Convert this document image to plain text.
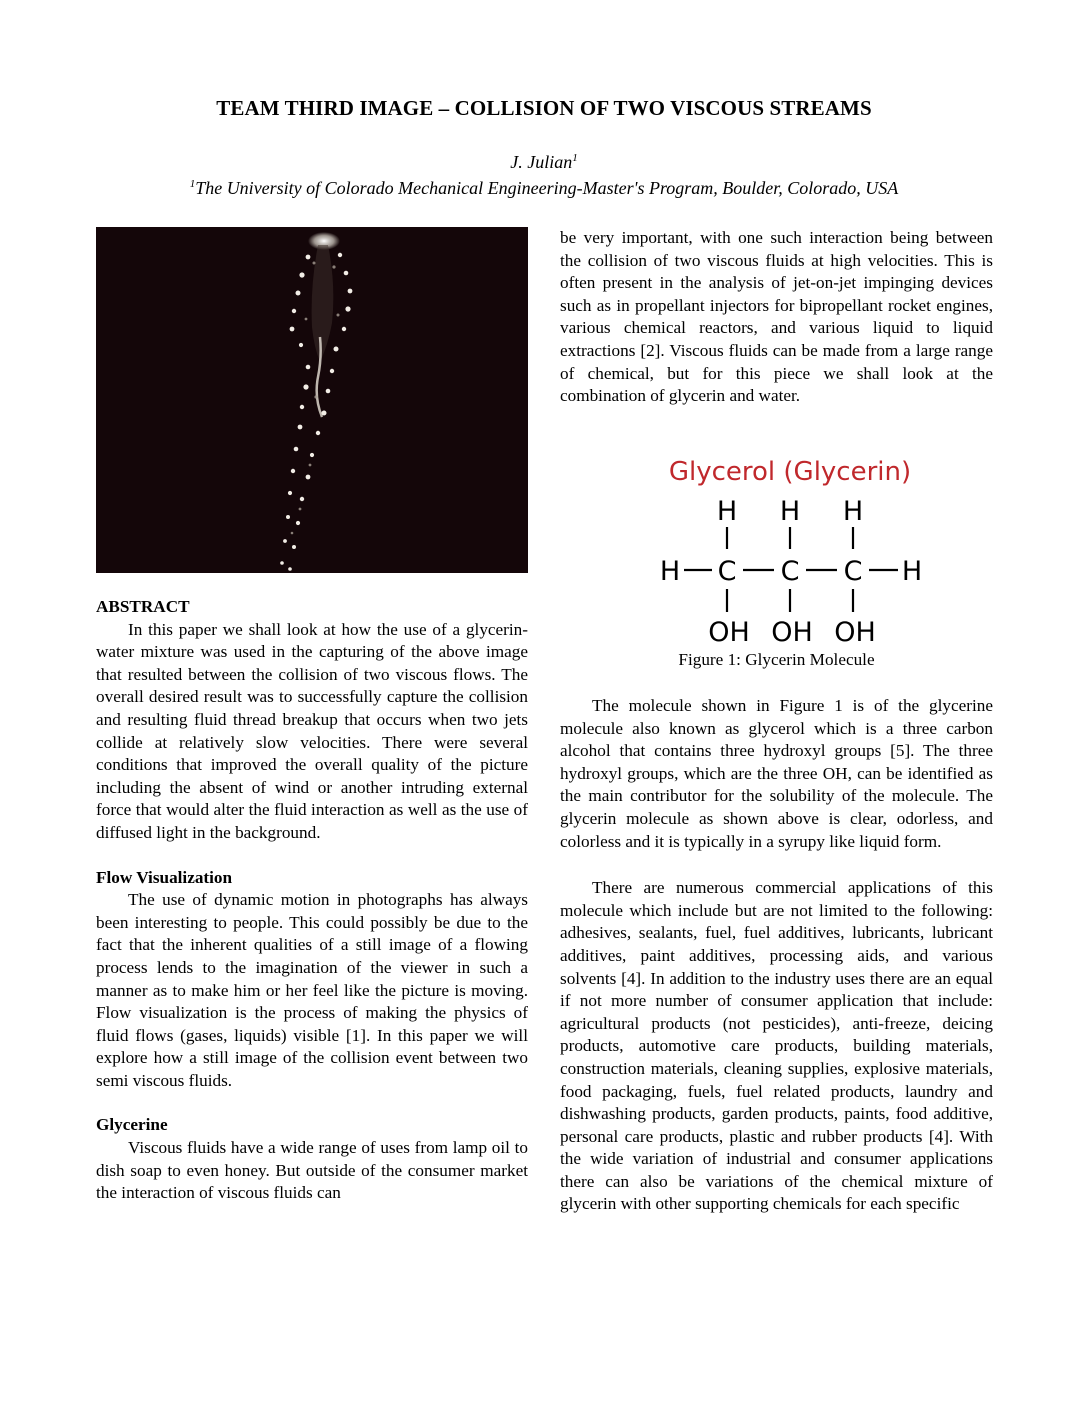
TEAM THIRD IMAGE – COLLISION OF TWO VISCOUS STREAMS
J. Julian$^1$
$^1$The University of Colorado Mechanical Engineering-Master's Program, Boulder, Colorado, USA
ABSTRACT

In this paper we shall look at how the use of a glycerin-water mixture was used in the capturing of the above image that resulted between the collision of two viscous flows. The overall desired result was to successfully capture the collision and resulting fluid thread breakup that occurs when two jets collide at relatively slow velocities. There were several conditions that improved the overall quality of the picture including the absent of wind or another intruding external force that would alter the fluid interaction as well as the use of diffused light in the background.

Flow Visualization

The use of dynamic motion in photographs has always been interesting to people. This could possibly be due to the fact that the inherent qualities of a still image of a flowing process lends to the imagination of the viewer in such a manner as to make him or her feel like the picture is moving. Flow visualization is the process of making the physics of fluid flows (gases, liquids) visible [1]. In this paper we will explore how a still image of the collision event between two semi viscous fluids.

Glycerine

Viscous fluids have a wide range of uses from lamp oil to dish soap to even honey. But outside of the consumer market the interaction of viscous fluids can

be very important, with one such interaction being between the collision of two viscous fluids at high velocities. This is often present in the analysis of jet-on-jet impinging devices such as in propellant injectors for bipropellant rocket engines, various chemical reactors, and various liquid to liquid extractions [2]. Viscous fluids can be made from a large range of chemical, but for this piece we shall look at the combination of glycerin and water.
Glycerol (Glycerin)
H H H
H C C C H
OH OH OH
Figure 1: Glycerin Molecule

The molecule shown in Figure 1 is of the glycerine molecule also known as glycerol which is a three carbon alcohol that contains three hydroxyl groups [5]. The three hydroxyl groups, which are the three OH, can be identified as the main contributor for the solubility of the molecule. The glycerin molecule as shown above is clear, odorless, and colorless and it is typically in a syrupy like liquid form.

There are numerous commercial applications of this molecule which include but are not limited to the following: adhesives, sealants, fuel, fuel additives, lubricants, lubricant additives, paint additives, processing aids, and various solvents [4]. In addition to the industry uses there are an equal if not more number of consumer application that include: agricultural products (not pesticides), anti-freeze, deicing products, automotive care products, building materials, construction materials, cleaning supplies, explosive materials, food packaging, fuels, fuel related products, laundry and dishwashing products, garden products, paints, food additive, personal care products, plastic and rubber products [4]. With the wide variation of industrial and consumer applications there can also be variations of the chemical mixture of glycerin with other supporting chemicals for each specific
